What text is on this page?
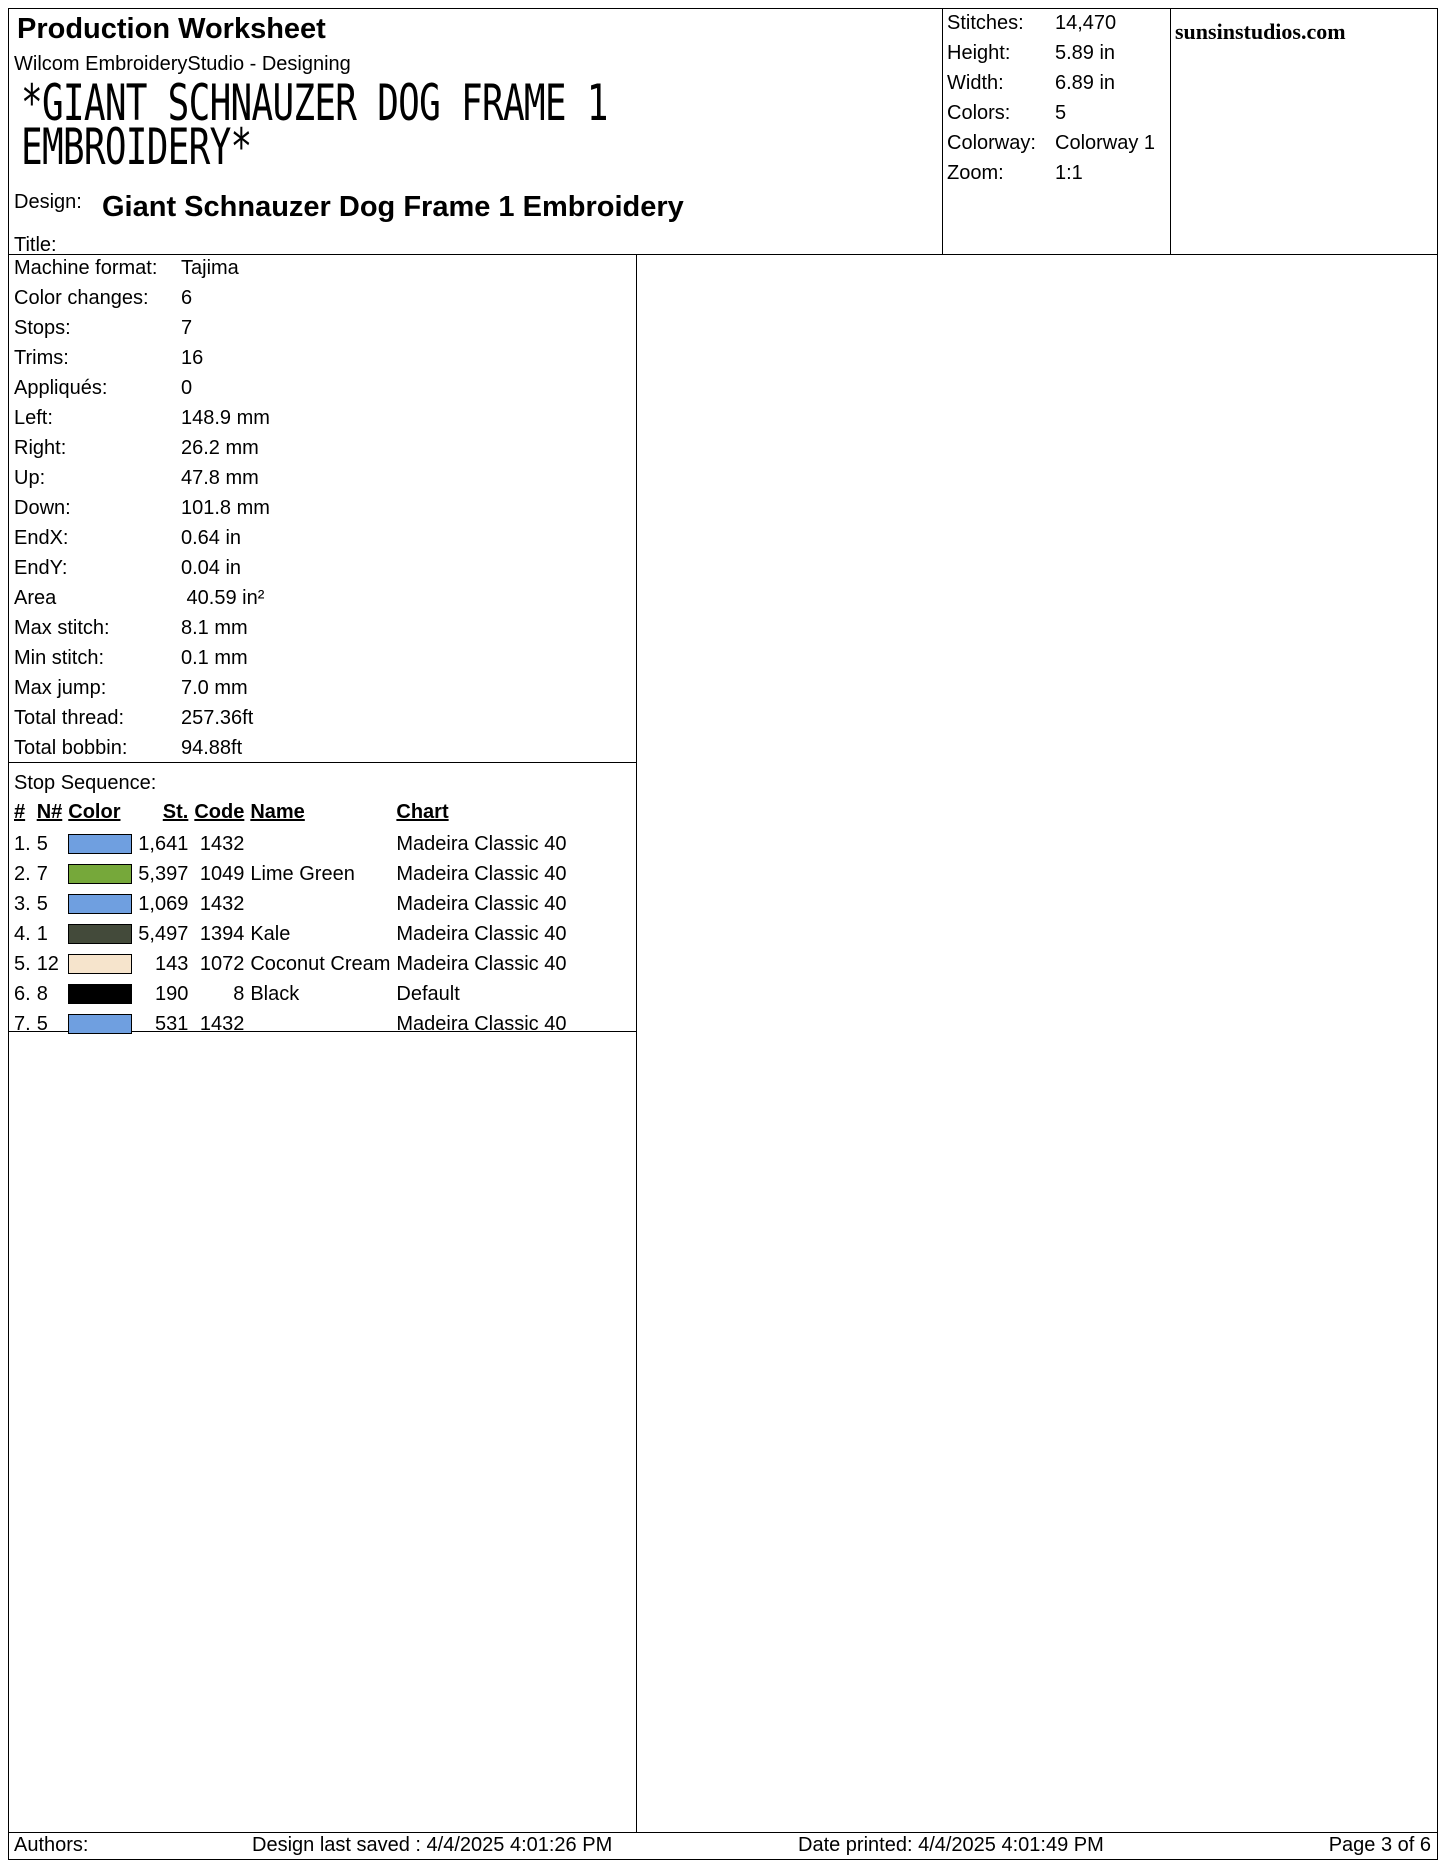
Production Worksheet
Wilcom EmbroideryStudio - Designing
*GIANT SCHNAUZER DOG FRAME 1
EMBROIDERY*
Design: Giant Schnauzer Dog Frame 1 Embroidery
Title:
Stitches: 14,470
Height: 5.89 in
Width:	6.89 in
Colors: 5
Colorway: Colorway 1
Zoom:	1:1
sunsinstudios.com
Machine format: Tajima
Color changes: 6
Stops:	7
Trims:	16
Appliqués:	0
Left:	148.9 mm
Right:	26.2 mm
Up:	47.8 mm
Down:	101.8 mm
EndX:	0.64 in
EndY:	0.04 in
Area	40.59 in²
Max stitch:	8.1 mm
Min stitch:	0.1 mm
Max jump:	7.0 mm
Total thread:	257.36ft
Total bobbin:	94.88ft
Stop Sequence:
#	N#	Color	St.	Code	Name	Chart
1.	5		1,641	1432		Madeira Classic 40
2.	7		5,397	1049	Lime Green	Madeira Classic 40
3.	5		1,069	1432		Madeira Classic 40
4.	1		5,497	1394	Kale	Madeira Classic 40
5.	12		143	1072	Coconut Cream	Madeira Classic 40
6.	8		190	8	Black	Default
7.	5		531	1432		Madeira Classic 40
Authors:	Design last saved : 4/4/2025 4:01:26 PM	Date printed: 4/4/2025 4:01:49 PM	Page 3 of 6
